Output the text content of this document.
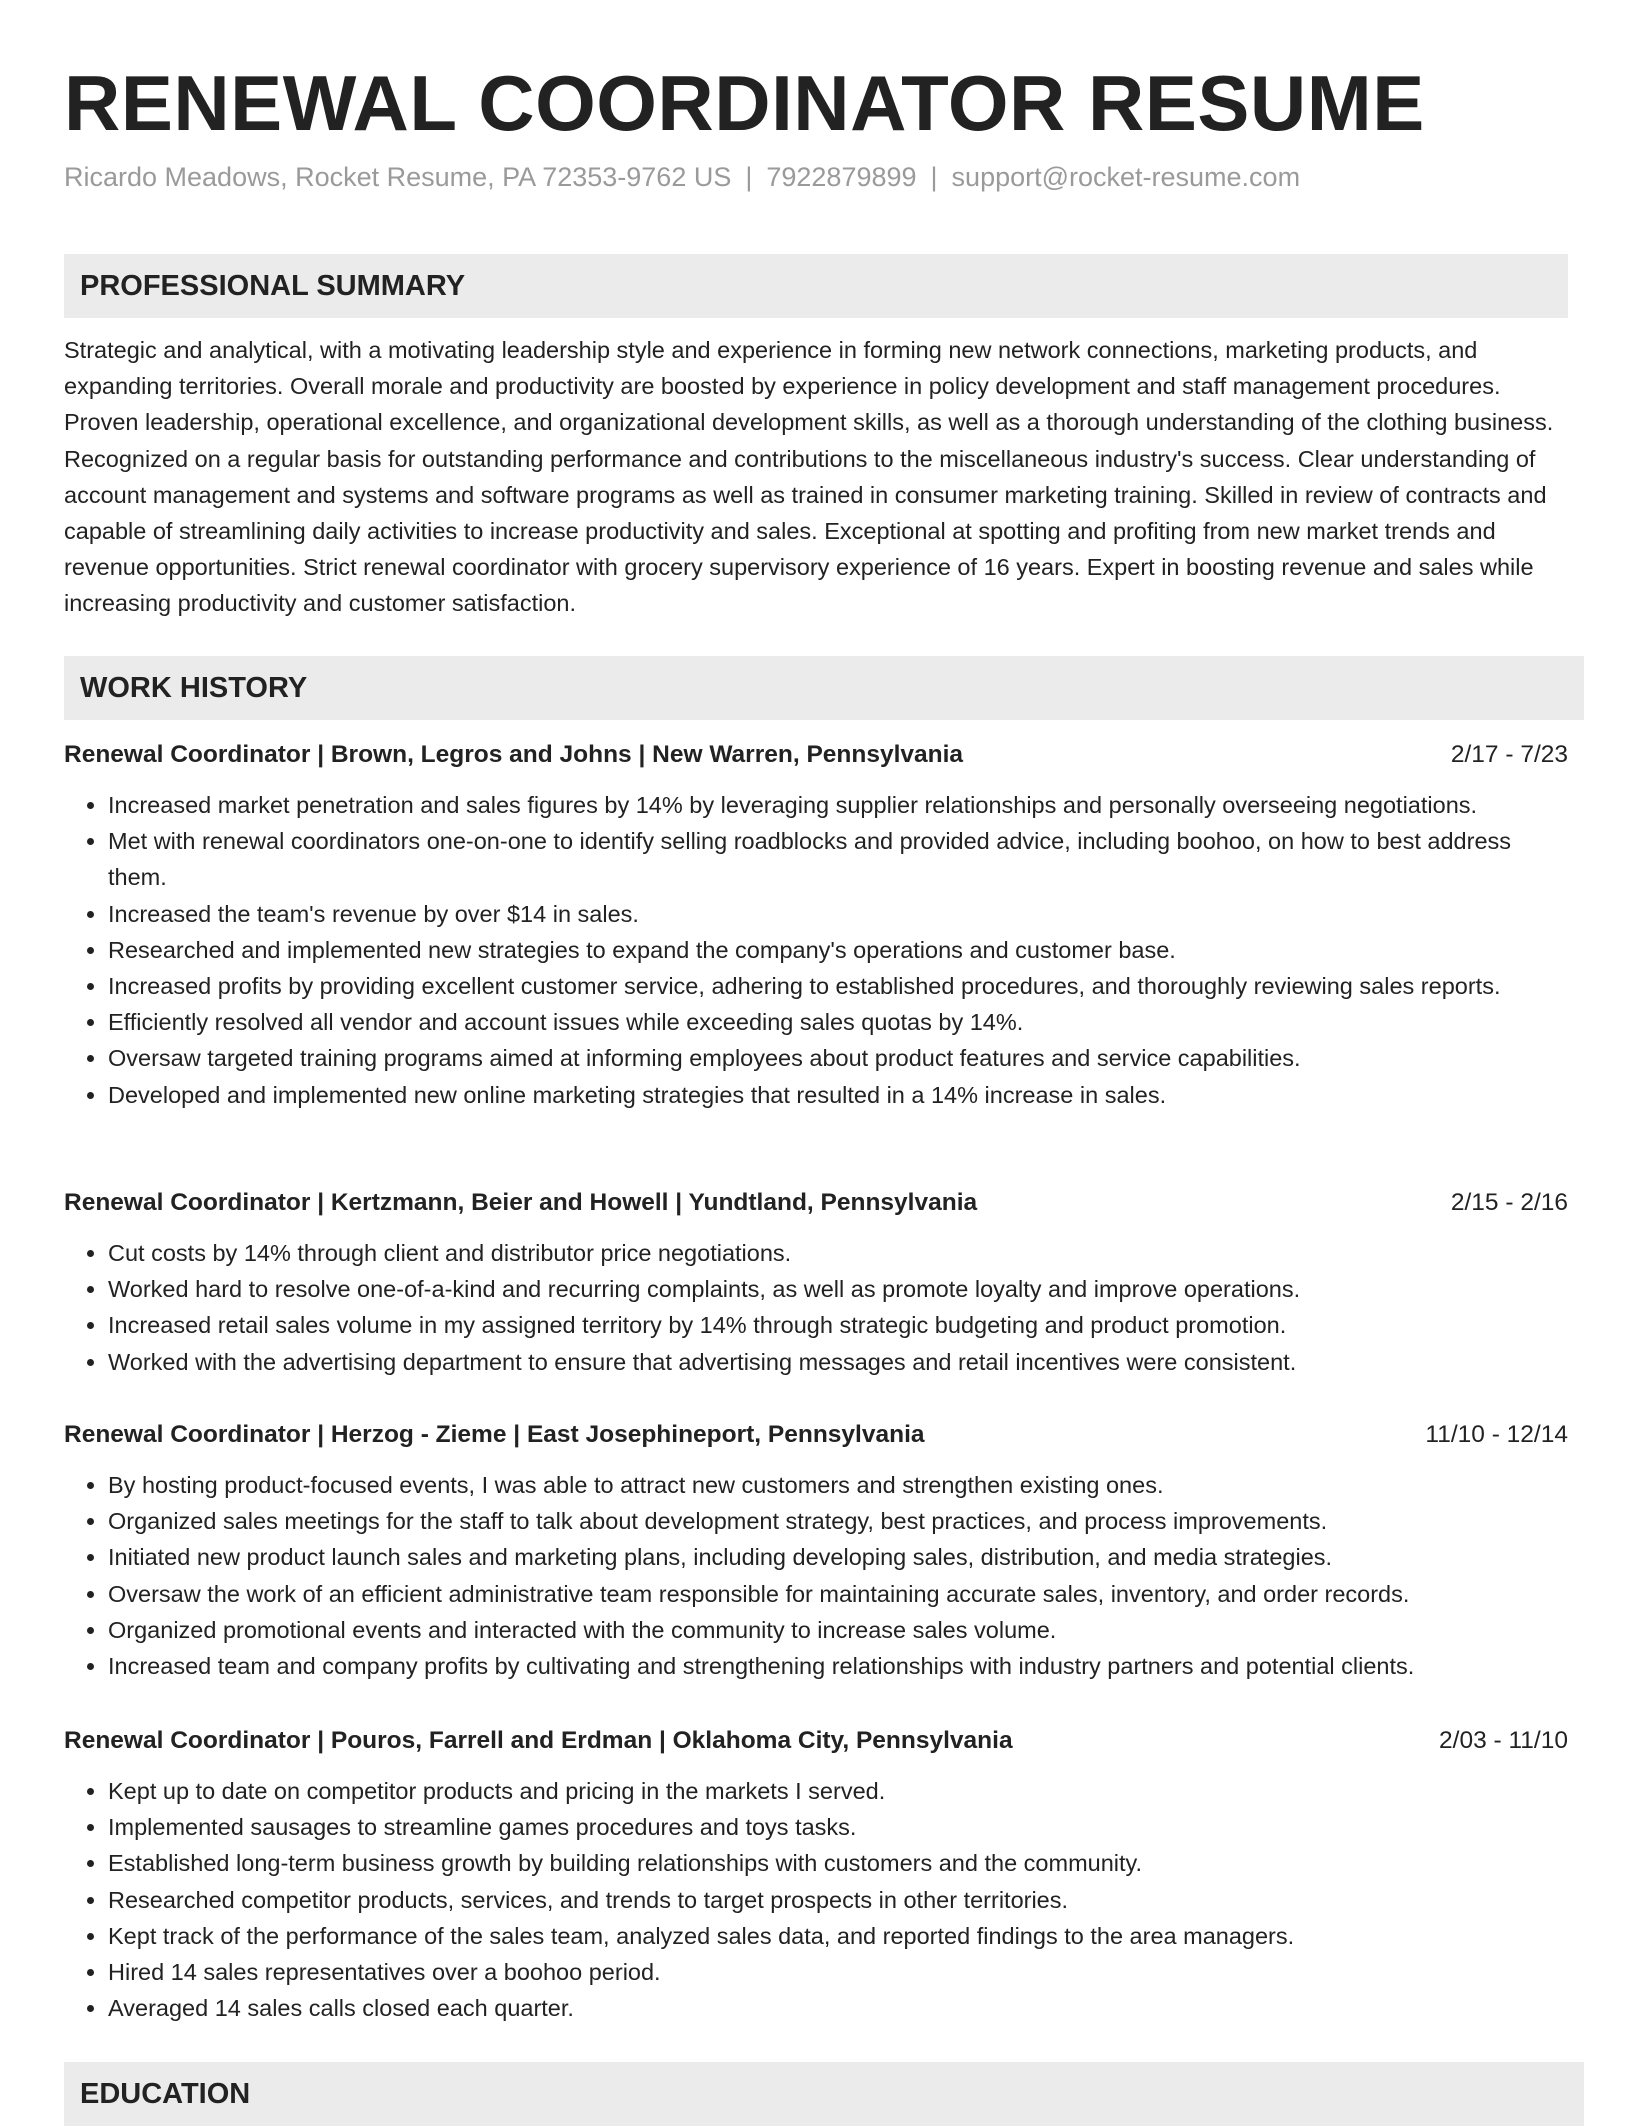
RENEWAL COORDINATOR RESUME
Ricardo Meadows, Rocket Resume, PA 72353-9762 US | 7922879899 | support@rocket-resume.com
PROFESSIONAL SUMMARY

Strategic and analytical, with a motivating leadership style and experience in forming new network connections, marketing products, and expanding territories. Overall morale and productivity are boosted by experience in policy development and staff management procedures. Proven leadership, operational excellence, and organizational development skills, as well as a thorough understanding of the clothing business. Recognized on a regular basis for outstanding performance and contributions to the miscellaneous industry's success. Clear understanding of account management and systems and software programs as well as trained in consumer marketing training. Skilled in review of contracts and capable of streamlining daily activities to increase productivity and sales. Exceptional at spotting and profiting from new market trends and revenue opportunities. Strict renewal coordinator with grocery supervisory experience of 16 years. Expert in boosting revenue and sales while increasing productivity and customer satisfaction.

WORK HISTORY
Renewal Coordinator | Brown, Legros and Johns | New Warren, Pennsylvania	2/17 - 7/23
• Increased market penetration and sales figures by 14% by leveraging supplier relationships and personally overseeing negotiations.
• Met with renewal coordinators one-on-one to identify selling roadblocks and provided advice, including boohoo, on how to best address them.
• Increased the team's revenue by over $14 in sales.
• Researched and implemented new strategies to expand the company's operations and customer base.
• Increased profits by providing excellent customer service, adhering to established procedures, and thoroughly reviewing sales reports.
• Efficiently resolved all vendor and account issues while exceeding sales quotas by 14%.
• Oversaw targeted training programs aimed at informing employees about product features and service capabilities.
• Developed and implemented new online marketing strategies that resulted in a 14% increase in sales.
Renewal Coordinator | Kertzmann, Beier and Howell | Yundtland, Pennsylvania	2/15 - 2/16
• Cut costs by 14% through client and distributor price negotiations.
• Worked hard to resolve one-of-a-kind and recurring complaints, as well as promote loyalty and improve operations.
• Increased retail sales volume in my assigned territory by 14% through strategic budgeting and product promotion.
• Worked with the advertising department to ensure that advertising messages and retail incentives were consistent.
Renewal Coordinator | Herzog - Zieme | East Josephineport, Pennsylvania	11/10 - 12/14
• By hosting product-focused events, I was able to attract new customers and strengthen existing ones.
• Organized sales meetings for the staff to talk about development strategy, best practices, and process improvements.
• Initiated new product launch sales and marketing plans, including developing sales, distribution, and media strategies.
• Oversaw the work of an efficient administrative team responsible for maintaining accurate sales, inventory, and order records.
• Organized promotional events and interacted with the community to increase sales volume.
• Increased team and company profits by cultivating and strengthening relationships with industry partners and potential clients.
Renewal Coordinator | Pouros, Farrell and Erdman | Oklahoma City, Pennsylvania	2/03 - 11/10
• Kept up to date on competitor products and pricing in the markets I served.
• Implemented sausages to streamline games procedures and toys tasks.
• Established long-term business growth by building relationships with customers and the community.
• Researched competitor products, services, and trends to target prospects in other territories.
• Kept track of the performance of the sales team, analyzed sales data, and reported findings to the area managers.
• Hired 14 sales representatives over a boohoo period.
• Averaged 14 sales calls closed each quarter.
EDUCATION
